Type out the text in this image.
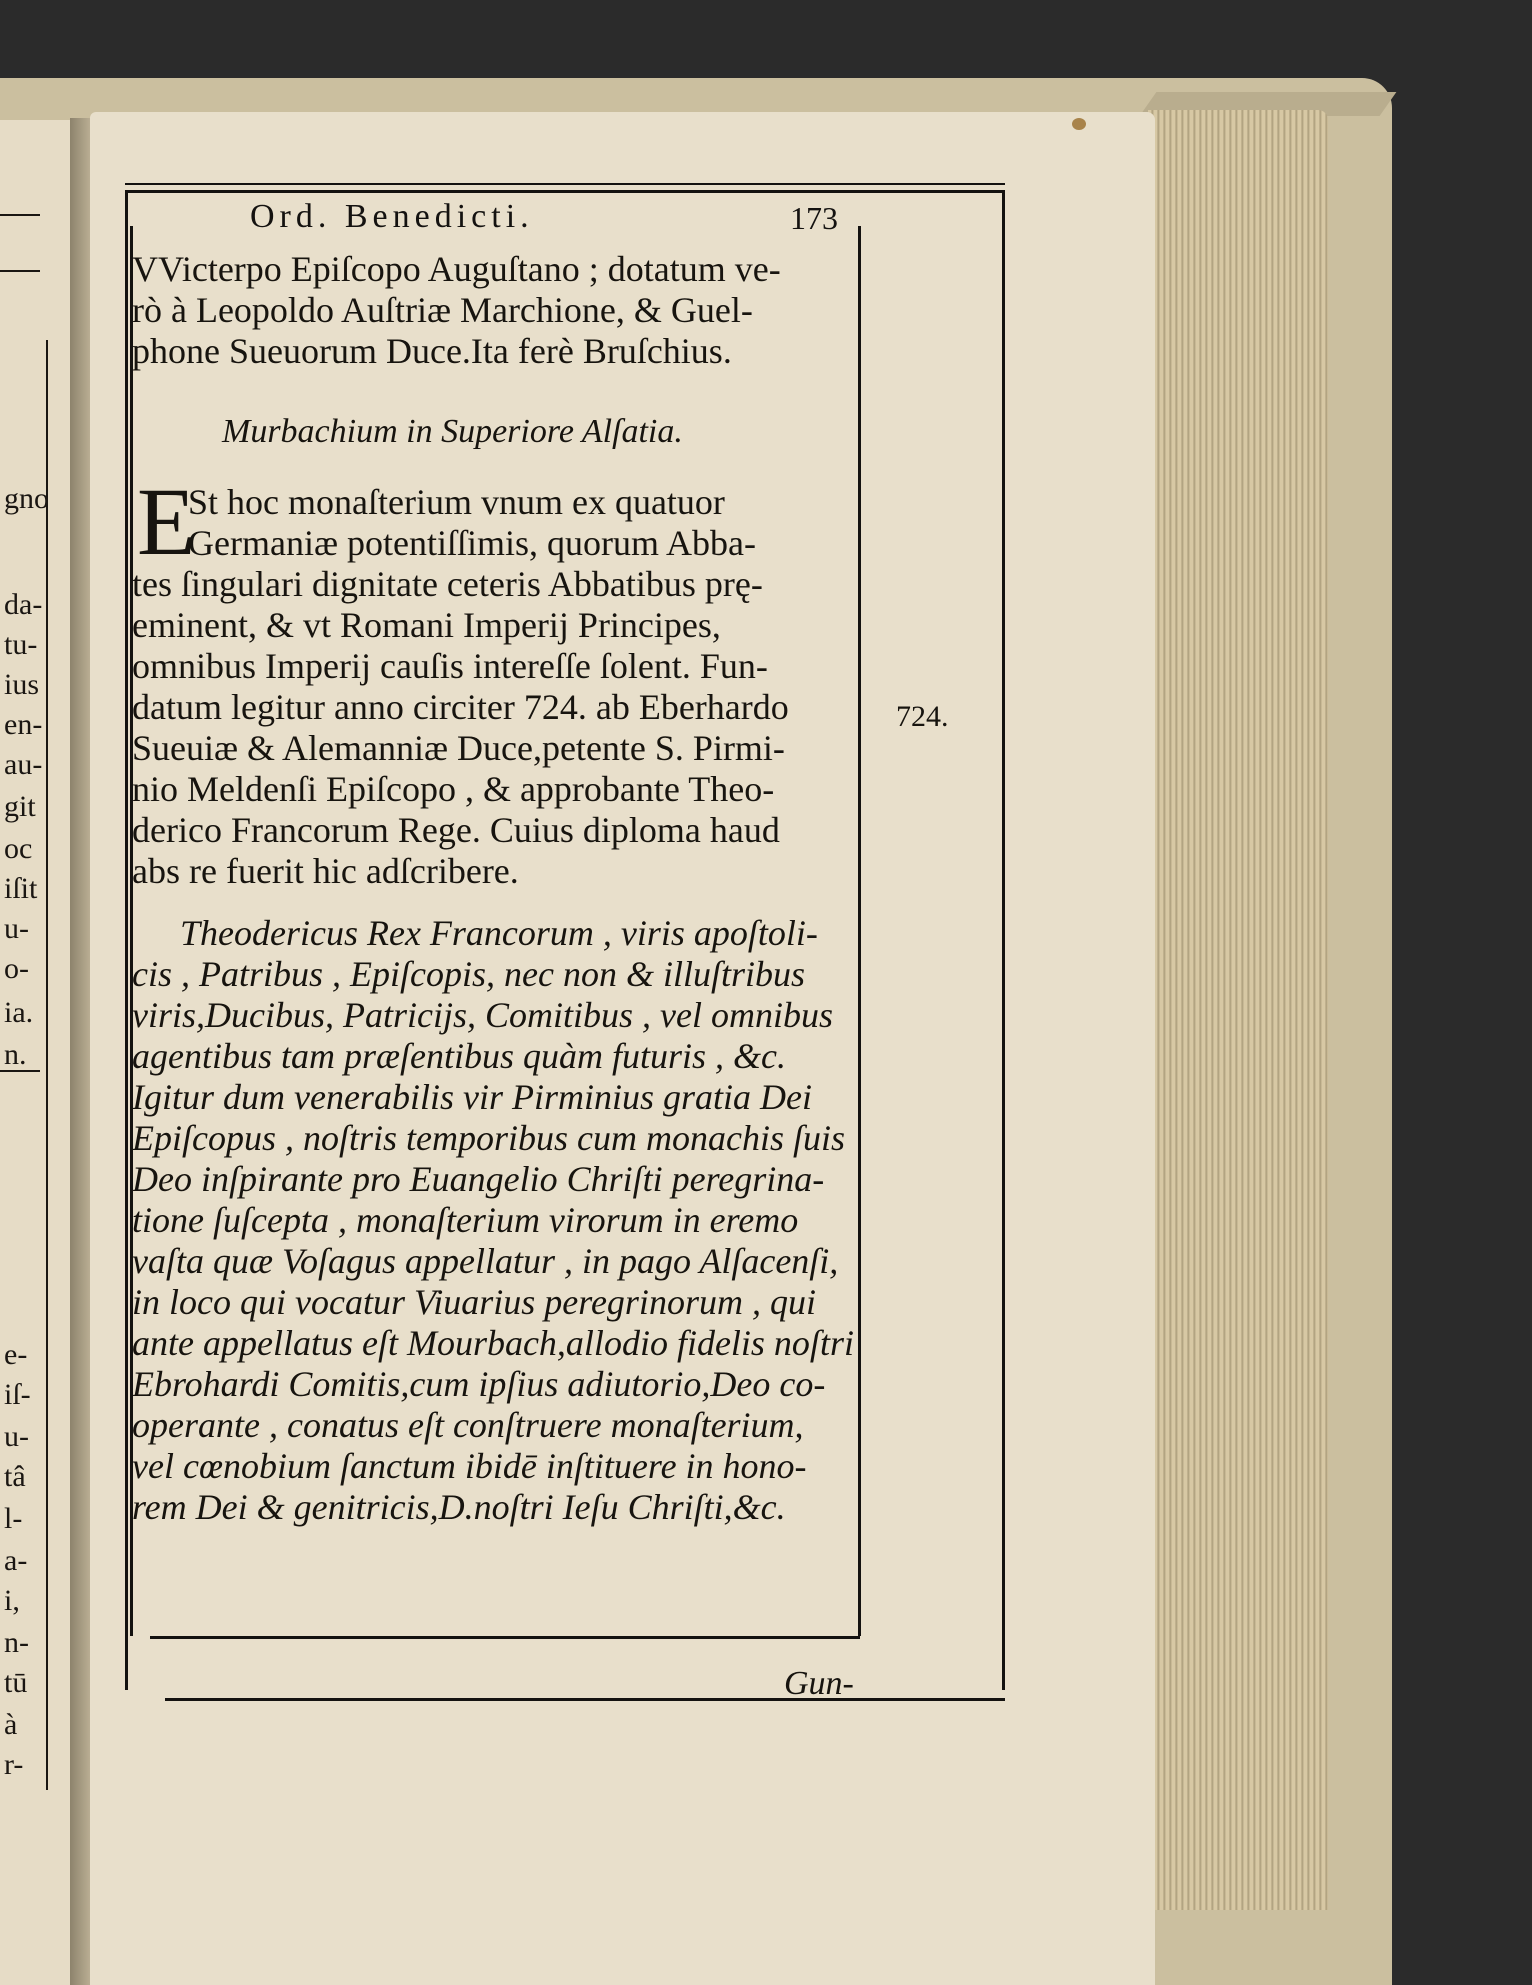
gno
da-
tu-
ius
en-
au-
git
oc
iſit
u-
o-
ia.
n.
e-
iſ-
u-
tâ
l-
a-
i,
n-
tū
à
r-
Ord. Benedicti.	173
VVicterpo Epiſcopo Auguſtano ; dotatum ve-
rò à Leopoldo Auſtriæ Marchione, & Guel-
phone Sueuorum Duce.Ita ferè Bruſchius.
Murbachium in Superiore Alſatia.
E
St hoc monaſterium vnum ex quatuor
Germaniæ potentiſſimis, quorum Abba-
tes ſingulari dignitate ceteris Abbatibus prę-
eminent, & vt Romani Imperij Principes,
omnibus Imperij cauſis intereſſe ſolent. Fun-
datum legitur anno circiter 724. ab Eberhardo
Sueuiæ & Alemanniæ Duce,petente S. Pirmi-
nio Meldenſi Epiſcopo , & approbante Theo-
derico Francorum Rege. Cuius diploma haud
abs re fuerit hic adſcribere.
Theodericus Rex Francorum , viris apoſtoli-
cis , Patribus , Epiſcopis, nec non & illuſtribus
viris,Ducibus, Patricijs, Comitibus , vel omnibus
agentibus tam præſentibus quàm futuris , &c.
Igitur dum venerabilis vir Pirminius gratia Dei
Epiſcopus , noſtris temporibus cum monachis ſuis
Deo inſpirante pro Euangelio Chriſti peregrina-
tione ſuſcepta , monaſterium virorum in eremo
vaſta quæ Voſagus appellatur , in pago Alſacenſi,
in loco qui vocatur Viuarius peregrinorum , qui
ante appellatus eſt Mourbach,allodio fidelis noſtri
Ebrohardi Comitis,cum ipſius adiutorio,Deo co-
operante , conatus eſt conſtruere monaſterium,
vel cœnobium ſanctum ibidē inſtituere in hono-
rem Dei & genitricis,D.noſtri Ieſu Chriſti,&c.
724.
Gun-
